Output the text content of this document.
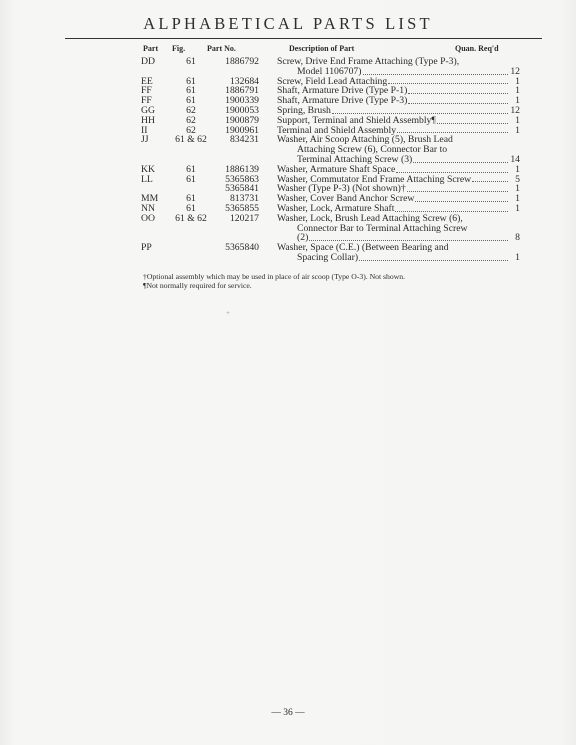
ALPHABETICAL PARTS LIST
Part Fig.	Part No.	Description of Part	Quan. Req'd
DD	61	1886792		Screw, Drive End Frame Attaching (Type P-3),
Model 1106707)	12
EE	61	132684		Screw, Field Lead Attaching	1
FF	61	1886791		Shaft, Armature Drive (Type P-1)	1
FF	61	1900339		Shaft, Armature Drive (Type P-3)	1
GG	62	1900053		Spring, Brush	12
HH	62	1900879		Support, Terminal and Shield Assembly¶	1
II	62	1900961		Terminal and Shield Assembly	1
JJ	61 & 62	834231		Washer, Air Scoop Attaching (5), Brush Lead
Attaching Screw (6), Connector Bar to
Terminal Attaching Screw (3)	14
KK	61	1886139		Washer, Armature Shaft Space	1
LL	61	5365863		Washer, Commutator End Frame Attaching Screw	5
		5365841		Washer (Type P-3) (Not shown)†	1
MM	61	813731		Washer, Cover Band Anchor Screw	1
NN	61	5365855		Washer, Lock, Armature Shaft	1
OO	61 & 62	120217		Washer, Lock, Brush Lead Attaching Screw (6),
Connector Bar to Terminal Attaching Screw
(2)	8
PP		5365840		Washer, Space (C.E.) (Between Bearing and
Spacing Collar)	1
†Optional assembly which may be used in place of air scoop (Type O-3). Not shown.
¶Not normally required for service.
+
— 36 —
